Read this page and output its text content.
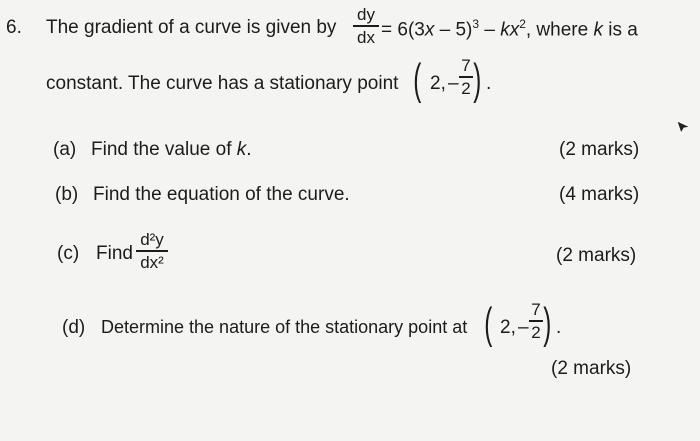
6. The gradient of a curve is given by
dy
dx = $6(3x - 5)^3 - kx^2$, where k is a
constant. The curve has a stationary point ( 2, –
7
2 ) .
(a) Find the value of k.	(2 marks)
(b) Find the equation of the curve.	(4 marks)
(c) Find
d²y
dx²	(2 marks)
(d) Determine the nature of the stationary point at ( 2, –
7
2 ) .
(2 marks)
